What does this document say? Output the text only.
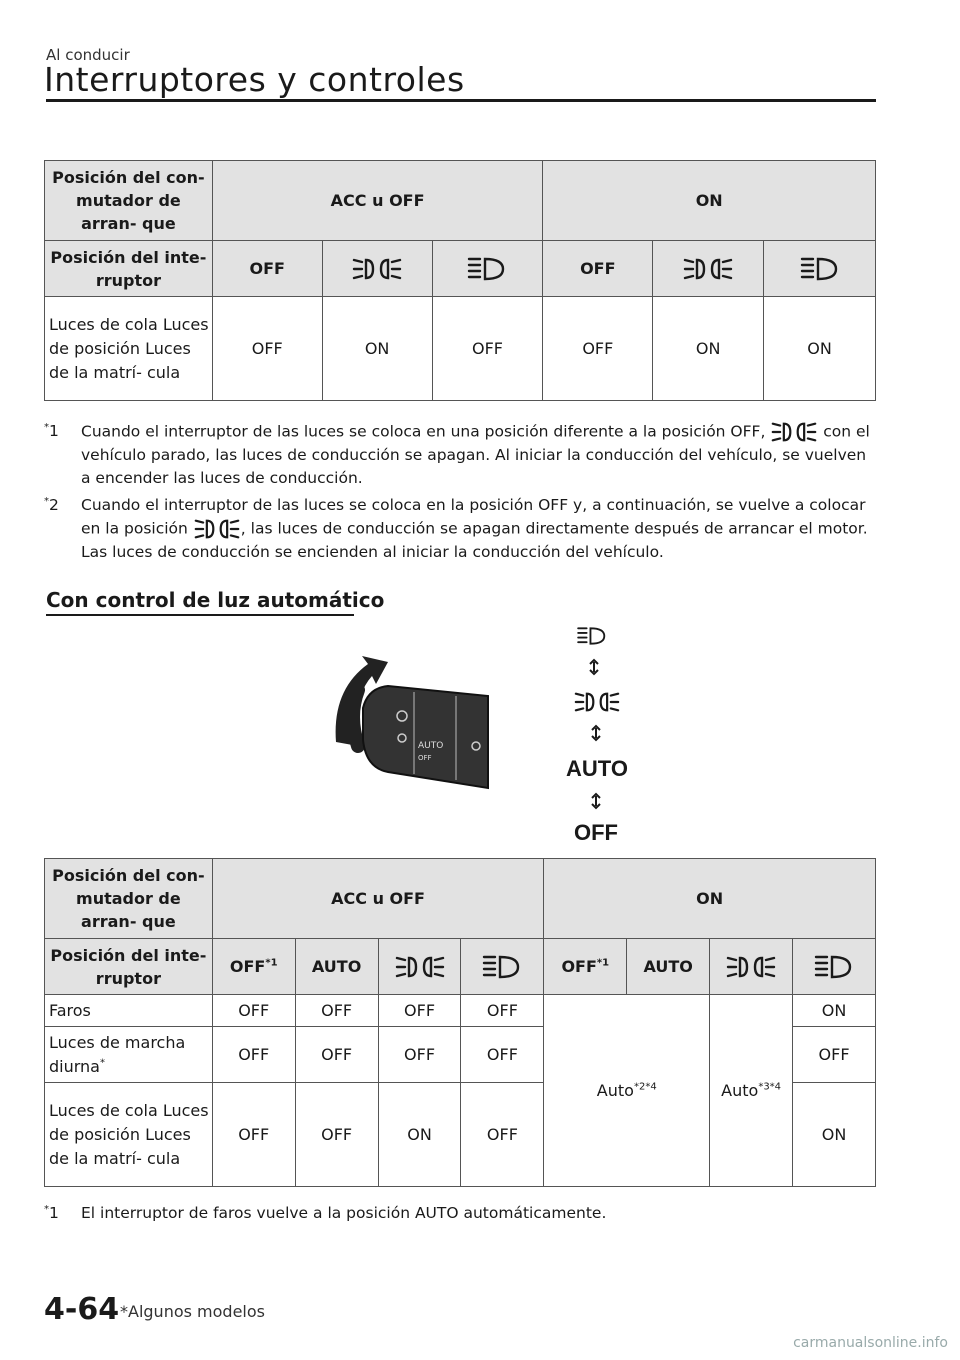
Al conducir
Interruptores y controles
Posición del con- mutador de arran- que	ACC u OFF			ON		
Posición del inte- rruptor	OFF			OFF		
Luces de cola Luces de posición Luces de la matrí- cula	OFF	ON	OFF	OFF	ON	ON
*1 Cuando el interruptor de las luces se coloca en una posición diferente a la posición OFF,	con el vehículo parado, las luces de conducción se apagan. Al iniciar la conducción del vehículo, se vuelven a encender las luces de conducción.
*2 Cuando el interruptor de las luces se coloca en la posición OFF y, a continuación, se vuelve a colocar en la posición	, las luces de conducción se apagan directamente después de arrancar el motor. Las luces de conducción se encienden al iniciar la conducción del vehículo.
Con control de luz automático
AUTO
OFF	AUTO
OFF
Posición del con- mutador de arran- que	ACC u OFF				ON			
Posición del inte- rruptor	OFF$^{*1}$	AUTO			OFF$^{*1}$	AUTO		
Faros	OFF	OFF	OFF	OFF	Auto$^{*2*4}$		Auto$^{*3*4}$	ON
Luces de marcha diurna*	OFF	OFF	OFF	OFF				OFF
Luces de cola Luces de posición Luces de la matrí- cula	OFF	OFF	ON	OFF				ON
*1 El interruptor de faros vuelve a la posición AUTO automáticamente.
4-64 *Algunos modelos
carmanualsonline.info
